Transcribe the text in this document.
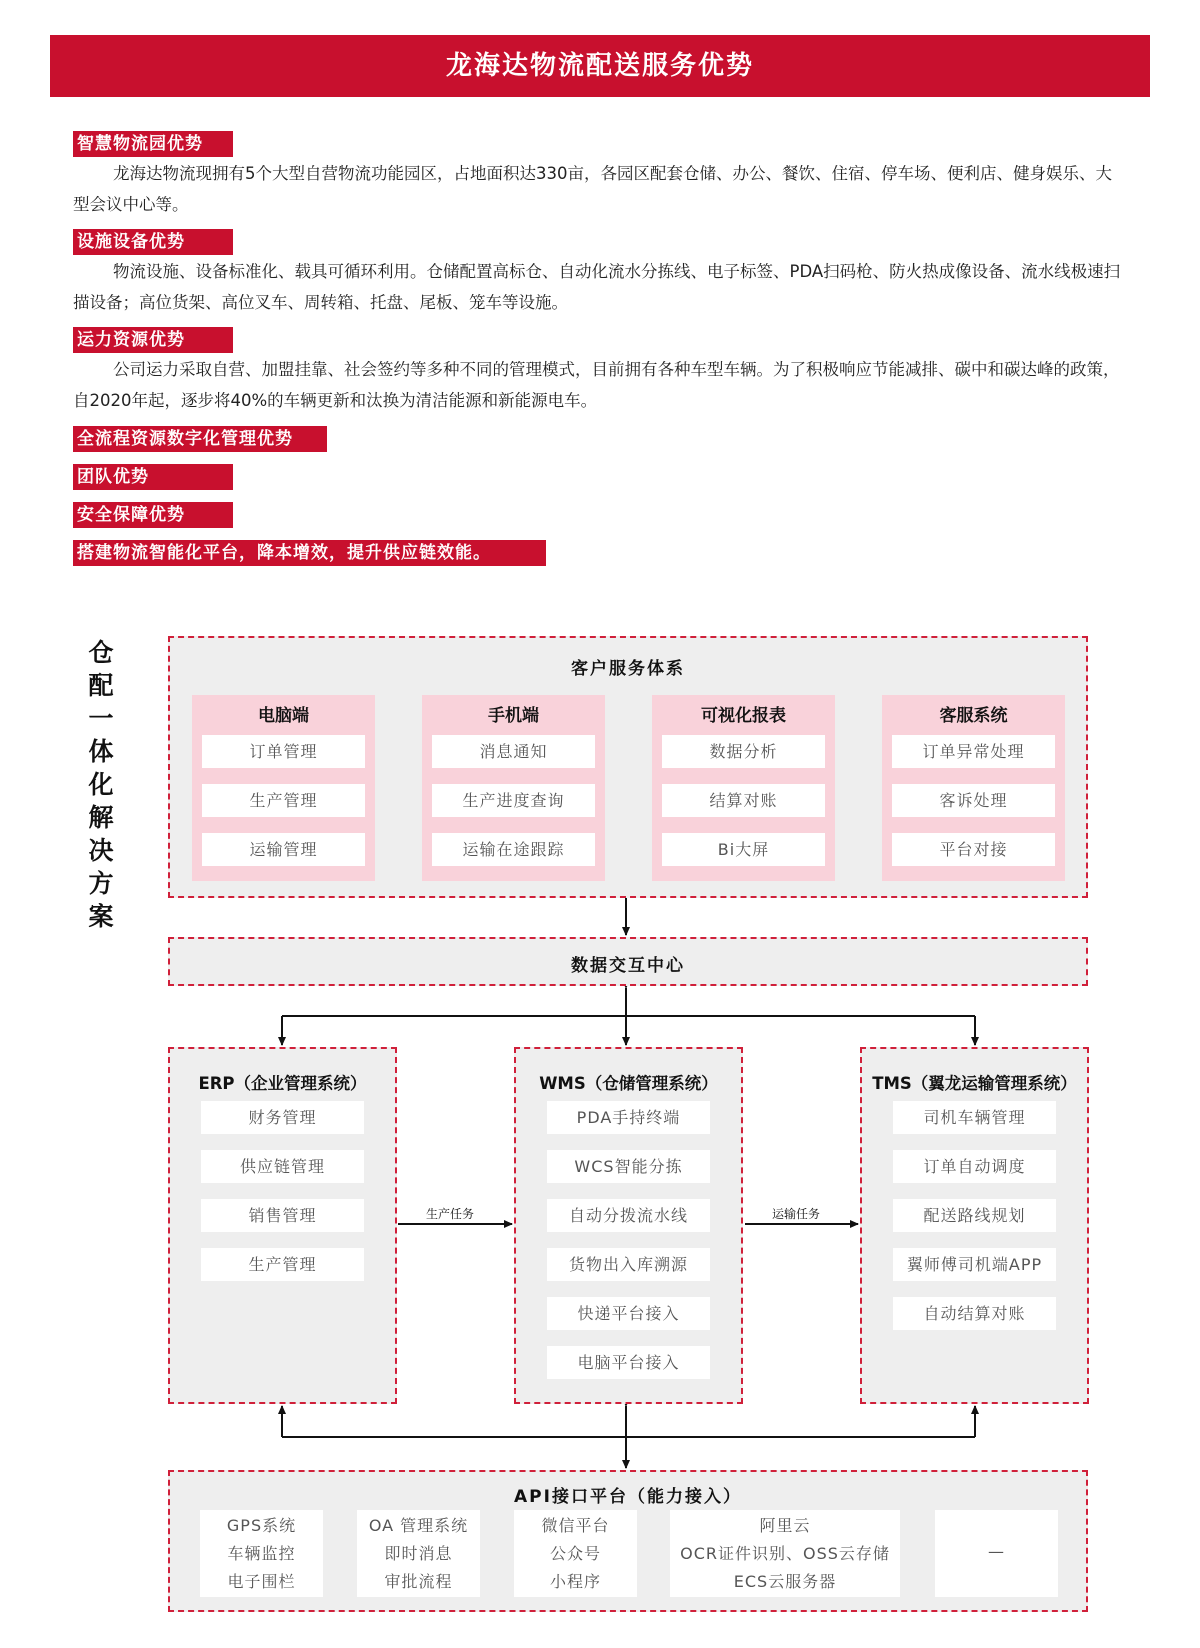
龙海达物流配送服务优势
智慧物流园优势
龙海达物流现拥有5个大型自营物流功能园区，占地面积达330亩，各园区配套仓储、办公、餐饮、住宿、停车场、便利店、健身娱乐、大型会议中心等。
设施设备优势
物流设施、设备标准化、载具可循环利用。仓储配置高标仓、自动化流水分拣线、电子标签、PDA扫码枪、防火热成像设备、流水线极速扫描设备；高位货架、高位叉车、周转箱、托盘、尾板、笼车等设施。
运力资源优势
公司运力采取自营、加盟挂靠、社会签约等多种不同的管理模式，目前拥有各种车型车辆。为了积极响应节能减排、碳中和碳达峰的政策，自2020年起，逐步将40%的车辆更新和汰换为清洁能源和新能源电车。
全流程资源数字化管理优势
团队优势
安全保障优势
搭建物流智能化平台，降本增效，提升供应链效能。
仓
配
一
体
化
解
决
方
案
生产任务	运输任务
客户服务体系
电脑端
订单管理
生产管理
运输管理
手机端
消息通知
生产进度查询
运输在途跟踪
可视化报表
数据分析
结算对账
Bi大屏
客服系统
订单异常处理
客诉处理
平台对接
数据交互中心
ERP（企业管理系统）
财务管理
供应链管理
销售管理
生产管理
WMS（仓储管理系统）
PDA手持终端
WCS智能分拣
自动分拨流水线
货物出入库溯源
快递平台接入
电脑平台接入
TMS（翼龙运输管理系统）
司机车辆管理
订单自动调度
配送路线规划
翼师傅司机端APP
自动结算对账
API接口平台（能力接入）
GPS系统
车辆监控
电子围栏
OA 管理系统
即时消息
审批流程
微信平台
公众号
小程序
阿里云
OCR证件识别、OSS云存储
ECS云服务器
—
